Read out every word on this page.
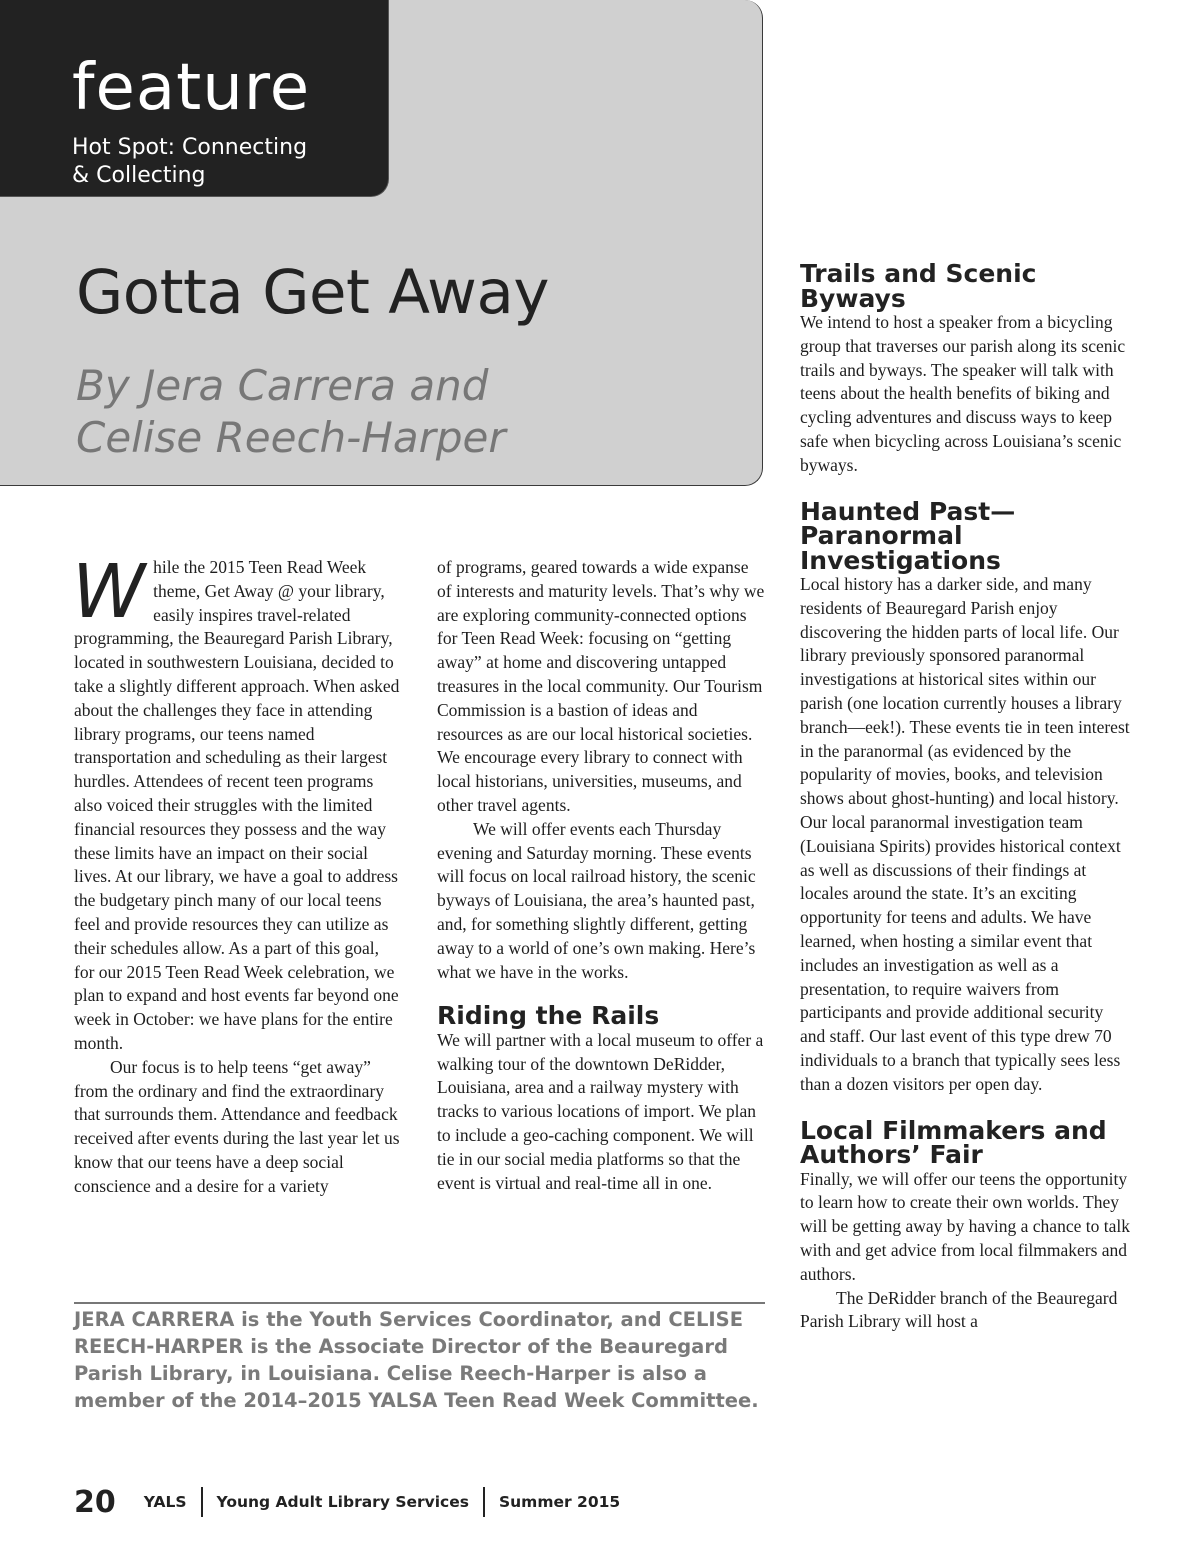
feature
Hot Spot: Connecting
& Collecting
Gotta Get Away
By Jera Carrera and
Celise Reech-Harper

While the 2015 Teen Read Week theme, Get Away @ your library, easily inspires travel-related programming, the Beauregard Parish Library, located in southwestern Louisiana, decided to take a slightly different approach. When asked about the challenges they face in attending library programs, our teens named transportation and scheduling as their largest hurdles. Attendees of recent teen programs also voiced their struggles with the limited financial resources they possess and the way these limits have an impact on their social lives. At our library, we have a goal to address the budgetary pinch many of our local teens feel and provide resources they can utilize as their schedules allow. As a part of this goal, for our 2015 Teen Read Week celebration, we plan to expand and host events far beyond one week in October: we have plans for the entire month.

Our focus is to help teens “get away” from the ordinary and find the extraordinary that surrounds them. Attendance and feedback received after events during the last year let us know that our teens have a deep social conscience and a desire for a variety

of programs, geared towards a wide expanse of interests and maturity levels. That’s why we are exploring community-connected options for Teen Read Week: focusing on “getting away” at home and discovering untapped treasures in the local community. Our Tourism Commission is a bastion of ideas and resources as are our local historical societies. We encourage every library to connect with local historians, universities, museums, and other travel agents.

We will offer events each Thursday evening and Saturday morning. These events will focus on local railroad history, the scenic byways of Louisiana, the area’s haunted past, and, for something slightly different, getting away to a world of one’s own making. Here’s what we have in the works.

Riding the Rails

We will partner with a local museum to offer a walking tour of the downtown DeRidder, Louisiana, area and a railway mystery with tracks to various locations of import. We plan to include a geo-caching component. We will tie in our social media platforms so that the event is virtual and real-time all in one.

Trails and Scenic Byways

We intend to host a speaker from a bicycling group that traverses our parish along its scenic trails and byways. The speaker will talk with teens about the health benefits of biking and cycling adventures and discuss ways to keep safe when bicycling across Louisiana’s scenic byways.

Haunted Past—Paranormal Investigations

Local history has a darker side, and many residents of Beauregard Parish enjoy discovering the hidden parts of local life. Our library previously sponsored paranormal investigations at historical sites within our parish (one location currently houses a library branch—eek!). These events tie in teen interest in the paranormal (as evidenced by the popularity of movies, books, and television shows about ghost-hunting) and local history. Our local paranormal investigation team (Louisiana Spirits) provides historical context as well as discussions of their findings at locales around the state. It’s an exciting opportunity for teens and adults. We have learned, when hosting a similar event that includes an investigation as well as a presentation, to require waivers from participants and provide additional security and staff. Our last event of this type drew 70 individuals to a branch that typically sees less than a dozen visitors per open day.

Local Filmmakers and Authors’ Fair

Finally, we will offer our teens the opportunity to learn how to create their own worlds. They will be getting away by having a chance to talk with and get advice from local filmmakers and authors.

The DeRidder branch of the Beauregard Parish Library will host a

JERA CARRERA is the Youth Services Coordinator, and CELISE REECH-HARPER is the Associate Director of the Beauregard Parish Library, in Louisiana. Celise Reech-Harper is also a member of the 2014–2015 YALSA Teen Read Week Committee.
20 YALS Young Adult Library Services Summer 2015
